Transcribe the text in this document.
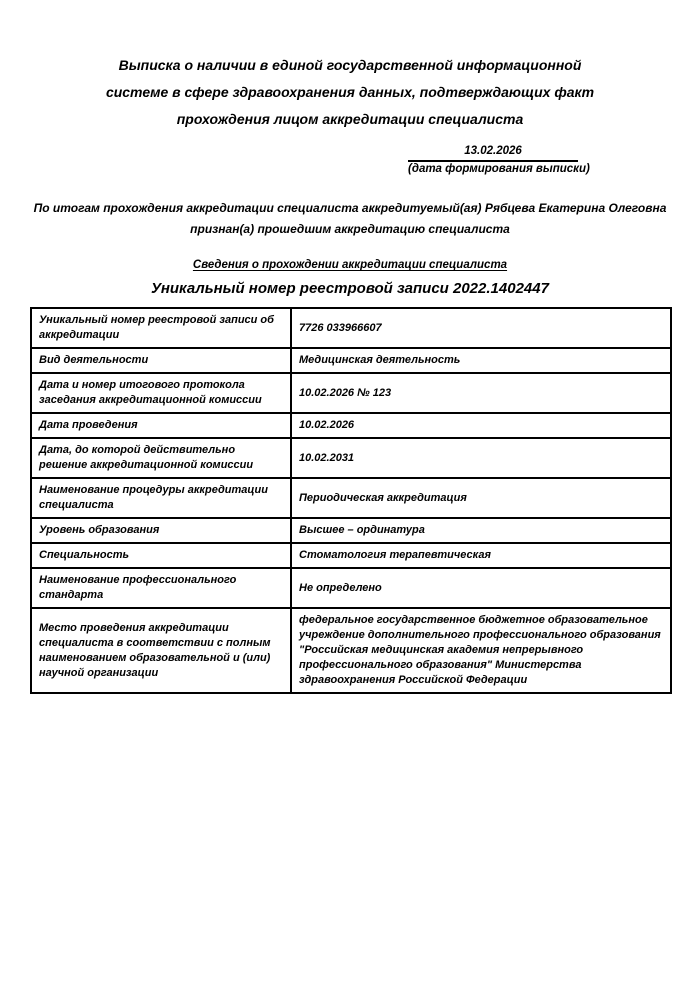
Выписка о наличии в единой государственной информационной
системе в сфере здравоохранения данных, подтверждающих факт
прохождения лицом аккредитации специалиста
13.02.2026
(дата формирования выписки)
По итогам прохождения аккредитации специалиста аккредитуемый(ая) Рябцева Екатерина Олеговна
признан(а) прошедшим аккредитацию специалиста
Сведения о прохождении аккредитации специалиста
Уникальный номер реестровой записи 2022.1402447
Уникальный номер реестровой записи об аккредитации	7726 033966607
Вид деятельности	Медицинская деятельность
Дата и номер итогового протокола заседания аккредитационной комиссии	10.02.2026 № 123
Дата проведения	10.02.2026
Дата, до которой действительно решение аккредитационной комиссии	10.02.2031
Наименование процедуры аккредитации специалиста	Периодическая аккредитация
Уровень образования	Высшее – ординатура
Специальность	Стоматология терапевтическая
Наименование профессионального стандарта	Не определено
Место проведения аккредитации специалиста в соответствии с полным наименованием образовательной и (или) научной организации	федеральное государственное бюджетное образовательное учреждение дополнительного профессионального образования "Российская медицинская академия непрерывного профессионального образования" Министерства здравоохранения Российской Федерации
